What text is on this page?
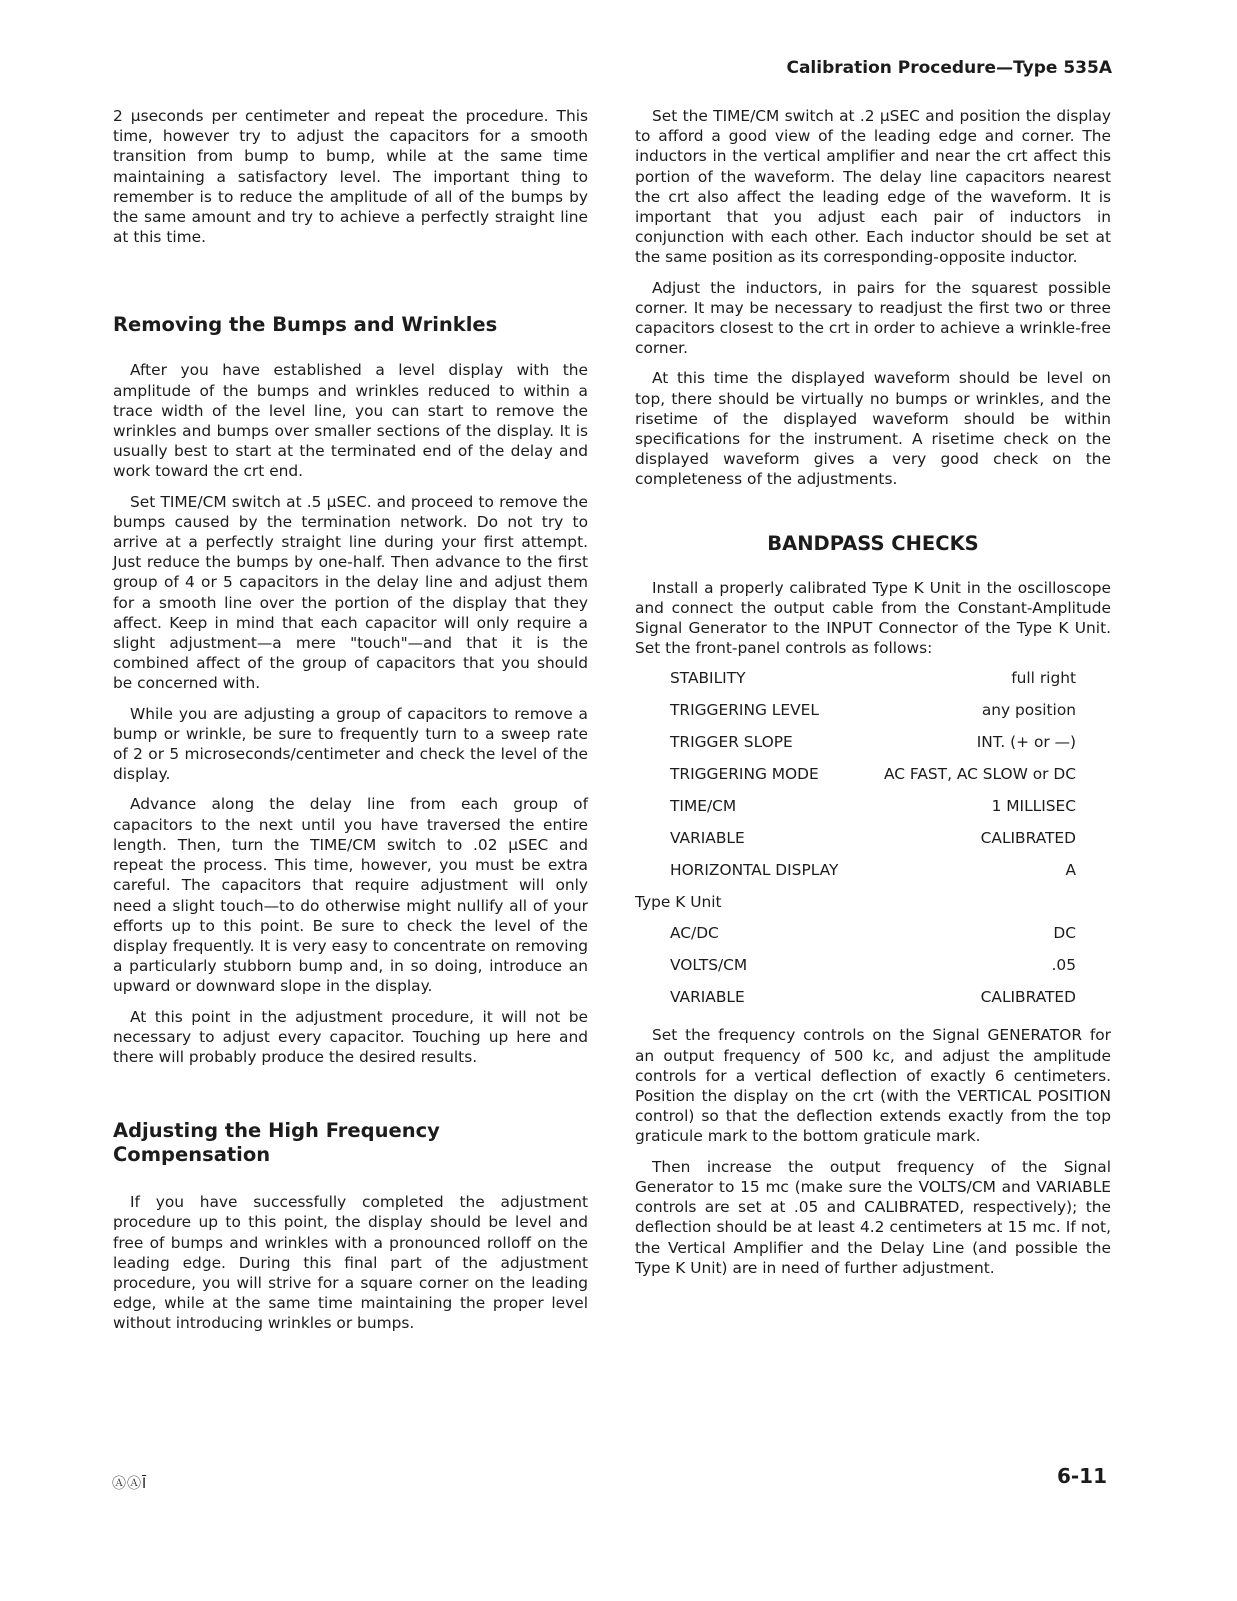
Calibration Procedure—Type 535A

2 μseconds per centimeter and repeat the procedure. This time, however try to adjust the capacitors for a smooth transition from bump to bump, while at the same time maintaining a satisfactory level. The important thing to remember is to reduce the amplitude of all of the bumps by the same amount and try to achieve a perfectly straight line at this time.

Removing the Bumps and Wrinkles

After you have established a level display with the amplitude of the bumps and wrinkles reduced to within a trace width of the level line, you can start to remove the wrinkles and bumps over smaller sections of the display. It is usually best to start at the terminated end of the delay and work toward the crt end.

Set TIME/CM switch at .5 μSEC. and proceed to remove the bumps caused by the termination network. Do not try to arrive at a perfectly straight line during your first attempt. Just reduce the bumps by one-half. Then advance to the first group of 4 or 5 capacitors in the delay line and adjust them for a smooth line over the portion of the display that they affect. Keep in mind that each capacitor will only require a slight adjustment—a mere "touch"—and that it is the combined affect of the group of capacitors that you should be concerned with.

While you are adjusting a group of capacitors to remove a bump or wrinkle, be sure to frequently turn to a sweep rate of 2 or 5 microseconds/centimeter and check the level of the display.

Advance along the delay line from each group of capacitors to the next until you have traversed the entire length. Then, turn the TIME/CM switch to .02 μSEC and repeat the process. This time, however, you must be extra careful. The capacitors that require adjustment will only need a slight touch—to do otherwise might nullify all of your efforts up to this point. Be sure to check the level of the display frequently. It is very easy to concentrate on removing a particularly stubborn bump and, in so doing, introduce an upward or downward slope in the display.

At this point in the adjustment procedure, it will not be necessary to adjust every capacitor. Touching up here and there will probably produce the desired results.

Adjusting the High Frequency Compensation

If you have successfully completed the adjustment procedure up to this point, the display should be level and free of bumps and wrinkles with a pronounced rolloff on the leading edge. During this final part of the adjustment procedure, you will strive for a square corner on the leading edge, while at the same time maintaining the proper level without introducing wrinkles or bumps.

Set the TIME/CM switch at .2 μSEC and position the display to afford a good view of the leading edge and corner. The inductors in the vertical amplifier and near the crt affect this portion of the waveform. The delay line capacitors nearest the crt also affect the leading edge of the waveform. It is important that you adjust each pair of inductors in conjunction with each other. Each inductor should be set at the same position as its corresponding-opposite inductor.

Adjust the inductors, in pairs for the squarest possible corner. It may be necessary to readjust the first two or three capacitors closest to the crt in order to achieve a wrinkle-free corner.

At this time the displayed waveform should be level on top, there should be virtually no bumps or wrinkles, and the risetime of the displayed waveform should be within specifications for the instrument. A risetime check on the displayed waveform gives a very good check on the completeness of the adjustments.

BANDPASS CHECKS

Install a properly calibrated Type K Unit in the oscilloscope and connect the output cable from the Constant-Amplitude Signal Generator to the INPUT Connector of the Type K Unit. Set the front-panel controls as follows:

STABILITY	full right
TRIGGERING LEVEL	any position
TRIGGER SLOPE	INT. (+ or —)
TRIGGERING MODE	AC FAST, AC SLOW or DC
TIME/CM	1 MILLISEC
VARIABLE	CALIBRATED
HORIZONTAL DISPLAY	A
Type K Unit
AC/DC	DC
VOLTS/CM	.05
VARIABLE	CALIBRATED

Set the frequency controls on the Signal GENERATOR for an output frequency of 500 kc, and adjust the amplitude controls for a vertical deflection of exactly 6 centimeters. Position the display on the crt (with the VERTICAL POSITION control) so that the deflection extends exactly from the top graticule mark to the bottom graticule mark.

Then increase the output frequency of the Signal Generator to 15 mc (make sure the VOLTS/CM and VARIABLE controls are set at .05 and CALIBRATED, respectively); the deflection should be at least 4.2 centimeters at 15 mc. If not, the Vertical Amplifier and the Delay Line (and possible the Type K Unit) are in need of further adjustment.

ⒶⒶĪ	6-11
